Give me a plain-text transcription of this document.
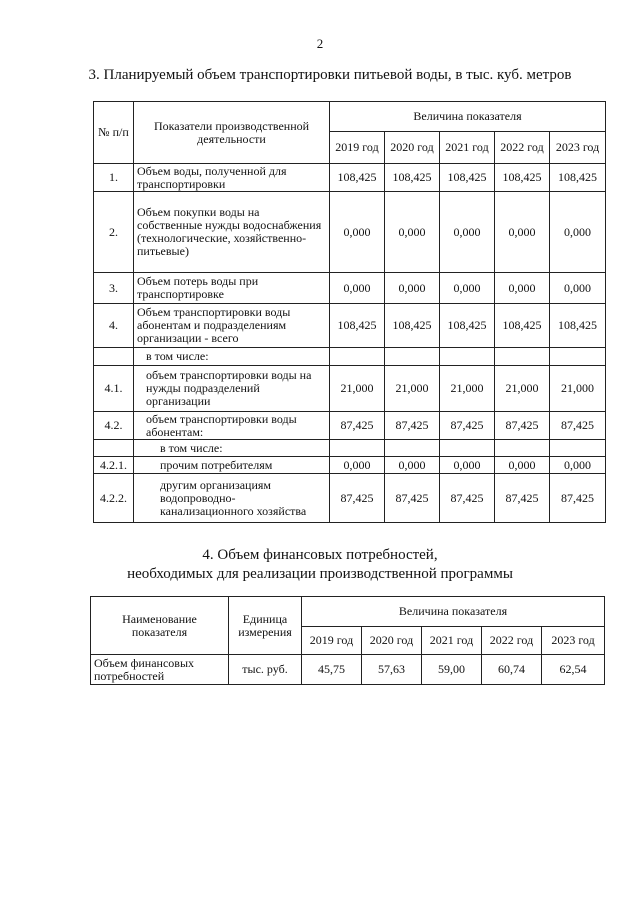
2
3. Планируемый объем транспортировки питьевой воды, в тыс. куб. метров
№ п/п	Показатели производственной деятельности	Величина показателя				
		2019 год	2020 год	2021 год	2022 год	2023 год
1.	Объем воды, полученной для транспортировки	108,425	108,425	108,425	108,425	108,425
2.	Объем покупки воды на собственные нужды водоснабжения (технологические, хозяйственно-питьевые)	0,000	0,000	0,000	0,000	0,000
3.	Объем потерь воды при транспортировке	0,000	0,000	0,000	0,000	0,000
4.	Объем транспортировки воды абонентам и подразделениям организации - всего	108,425	108,425	108,425	108,425	108,425
	в том числе:					
4.1.	объем транспортировки воды на нужды подразделений организации	21,000	21,000	21,000	21,000	21,000
4.2.	объем транспортировки воды абонентам:	87,425	87,425	87,425	87,425	87,425
	в том числе:					
4.2.1.	прочим потребителям	0,000	0,000	0,000	0,000	0,000
4.2.2.	другим организациям водопроводно-канализационного хозяйства	87,425	87,425	87,425	87,425	87,425
4. Объем финансовых потребностей,
необходимых для реализации производственной программы
Наименование показателя	Единица измерения	Величина показателя				
		2019 год	2020 год	2021 год	2022 год	2023 год
Объем финансовых потребностей	тыс. руб.	45,75	57,63	59,00	60,74	62,54
